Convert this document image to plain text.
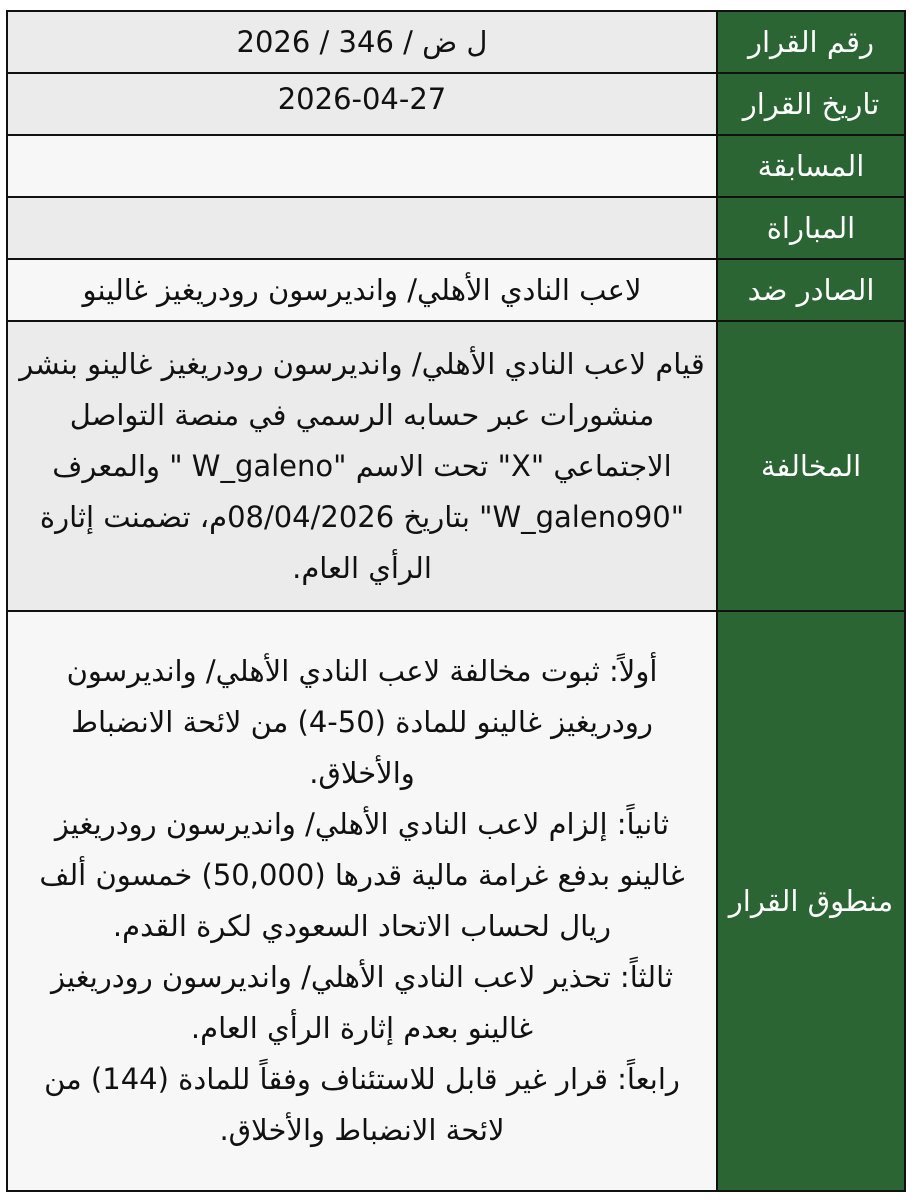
رقم القرار	2026 / ل ض / 346
تاريخ القرار	2026-04-27
المسابقة	
المباراة	
الصادر ضد	لاعب النادي الأهلي/ وانديرسون رودريغيز غالينو
المخالفة	قيام لاعب النادي الأهلي/ وانديرسون رودريغيز غالينو بنشر منشورات عبر حسابه الرسمي في منصة التواصل الاجتماعي "X" تحت الاسم "W_galeno " والمعرف "W_galeno90" بتاريخ 08/04/2026م، تضمنت إثارة الرأي العام.
منطوق القرار	أولاً: ثبوت مخالفة لاعب النادي الأهلي/ واندیرسون رودريغيز غالينو للمادة (50-4) من لائحة الانضباط والأخلاق.
ثانياً: إلزام لاعب النادي الأهلي/ واندیرسون رودريغيز غالينو بدفع غرامة مالية قدرها (50,000) خمسون ألف ريال لحساب الاتحاد السعودي لكرة القدم.
ثالثاً: تحذير لاعب النادي الأهلي/ واندیرسون رودريغيز غالينو بعدم إثارة الرأي العام.
رابعاً: قرار غير قابل للاستئناف وفقاً للمادة (144) من لائحة الانضباط والأخلاق.
